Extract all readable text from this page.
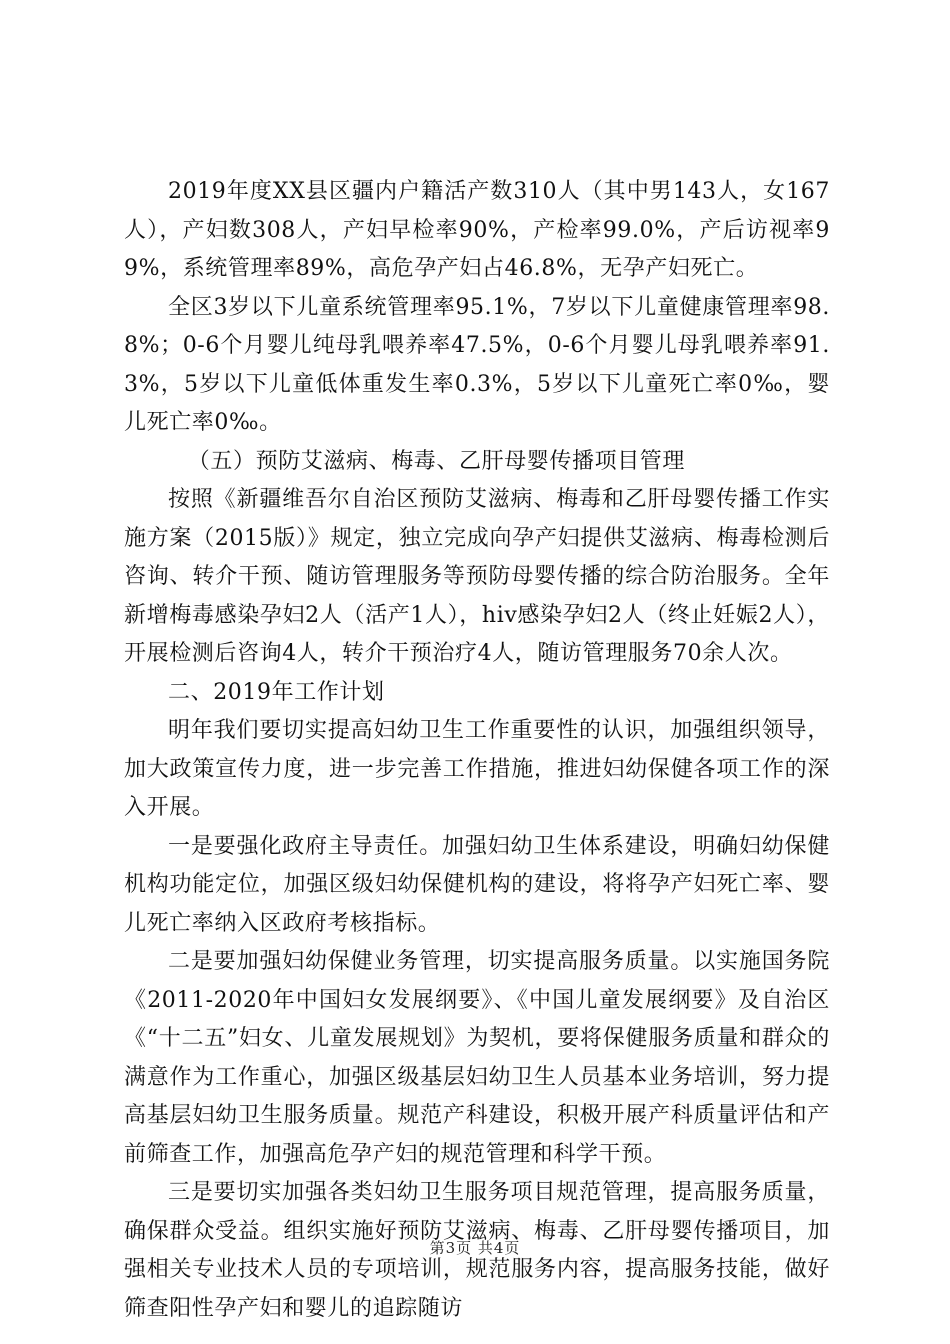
2019年度XX县区疆内户籍活产数310人（其中男143人，女167人），产妇数308人，产妇早检率90%，产检率99.0%，产后访视率99%，系统管理率89%，高危孕产妇占46.8%，无孕产妇死亡。

全区3岁以下儿童系统管理率95.1%，7岁以下儿童健康管理率98.8%；0-6个月婴儿纯母乳喂养率47.5%，0-6个月婴儿母乳喂养率91.3%，5岁以下儿童低体重发生率0.3%，5岁以下儿童死亡率0‰，婴儿死亡率0‰。

（五）预防艾滋病、梅毒、乙肝母婴传播项目管理

按照《新疆维吾尔自治区预防艾滋病、梅毒和乙肝母婴传播工作实施方案（2015版）》规定，独立完成向孕产妇提供艾滋病、梅毒检测后咨询、转介干预、随访管理服务等预防母婴传播的综合防治服务。全年新增梅毒感染孕妇2人（活产1人），hiv感染孕妇2人（终止妊娠2人），开展检测后咨询4人，转介干预治疗4人，随访管理服务70余人次。

二、2019年工作计划

明年我们要切实提高妇幼卫生工作重要性的认识，加强组织领导，加大政策宣传力度，进一步完善工作措施，推进妇幼保健各项工作的深入开展。

一是要强化政府主导责任。加强妇幼卫生体系建设，明确妇幼保健机构功能定位，加强区级妇幼保健机构的建设，将将孕产妇死亡率、婴儿死亡率纳入区政府考核指标。

二是要加强妇幼保健业务管理，切实提高服务质量。以实施国务院《2011-2020年中国妇女发展纲要》、《中国儿童发展纲要》及自治区《“十二五”妇女、儿童发展规划》为契机，要将保健服务质量和群众的满意作为工作重心，加强区级基层妇幼卫生人员基本业务培训，努力提高基层妇幼卫生服务质量。规范产科建设，积极开展产科质量评估和产前筛查工作，加强高危孕产妇的规范管理和科学干预。

三是要切实加强各类妇幼卫生服务项目规范管理，提高服务质量，确保群众受益。组织实施好预防艾滋病、梅毒、乙肝母婴传播项目，加强相关专业技术人员的专项培训，规范服务内容，提高服务技能，做好筛查阳性孕产妇和婴儿的追踪随访

第3页 共4页
